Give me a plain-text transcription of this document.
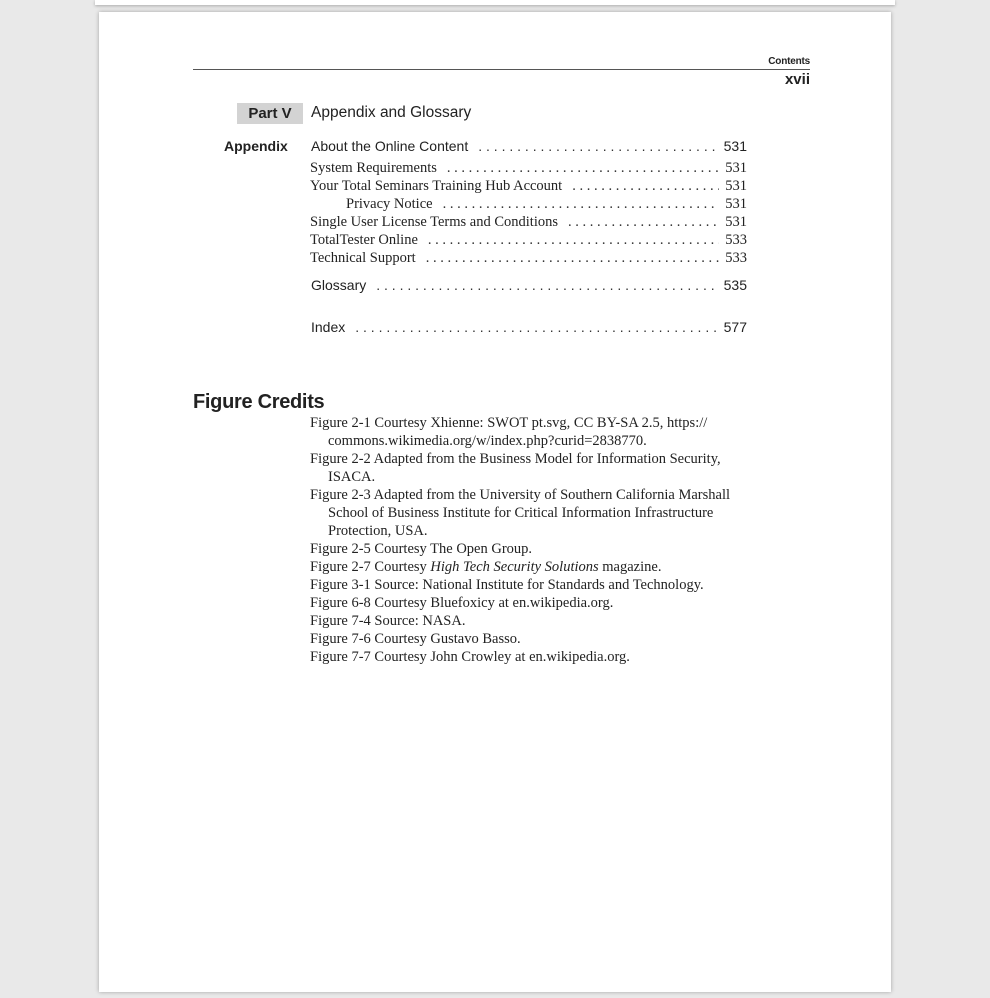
Contents
xvii
Part V	Appendix and Glossary
Appendix About the Online Content . . .	531
System Requirements . . .	531
Your Total Seminars Training Hub Account . . .	531
Privacy Notice . . .	531
Single User License Terms and Conditions . . .	531
TotalTester Online . . .	533
Technical Support . . .	533
Glossary . . .	535
Index . . .	577
Figure Credits
Figure 2-1 Courtesy Xhienne: SWOT pt.svg, CC BY-SA 2.5, https:// commons.wikimedia.org/w/index.php?curid=2838770.
Figure 2-2 Adapted from the Business Model for Information Security, ISACA.
Figure 2-3 Adapted from the University of Southern California Marshall School of Business Institute for Critical Information Infrastructure Protection, USA.
Figure 2-5 Courtesy The Open Group.
Figure 2-7 Courtesy High Tech Security Solutions magazine.
Figure 3-1 Source: National Institute for Standards and Technology.
Figure 6-8 Courtesy Bluefoxicy at en.wikipedia.org.
Figure 7-4 Source: NASA.
Figure 7-6 Courtesy Gustavo Basso.
Figure 7-7 Courtesy John Crowley at en.wikipedia.org.
